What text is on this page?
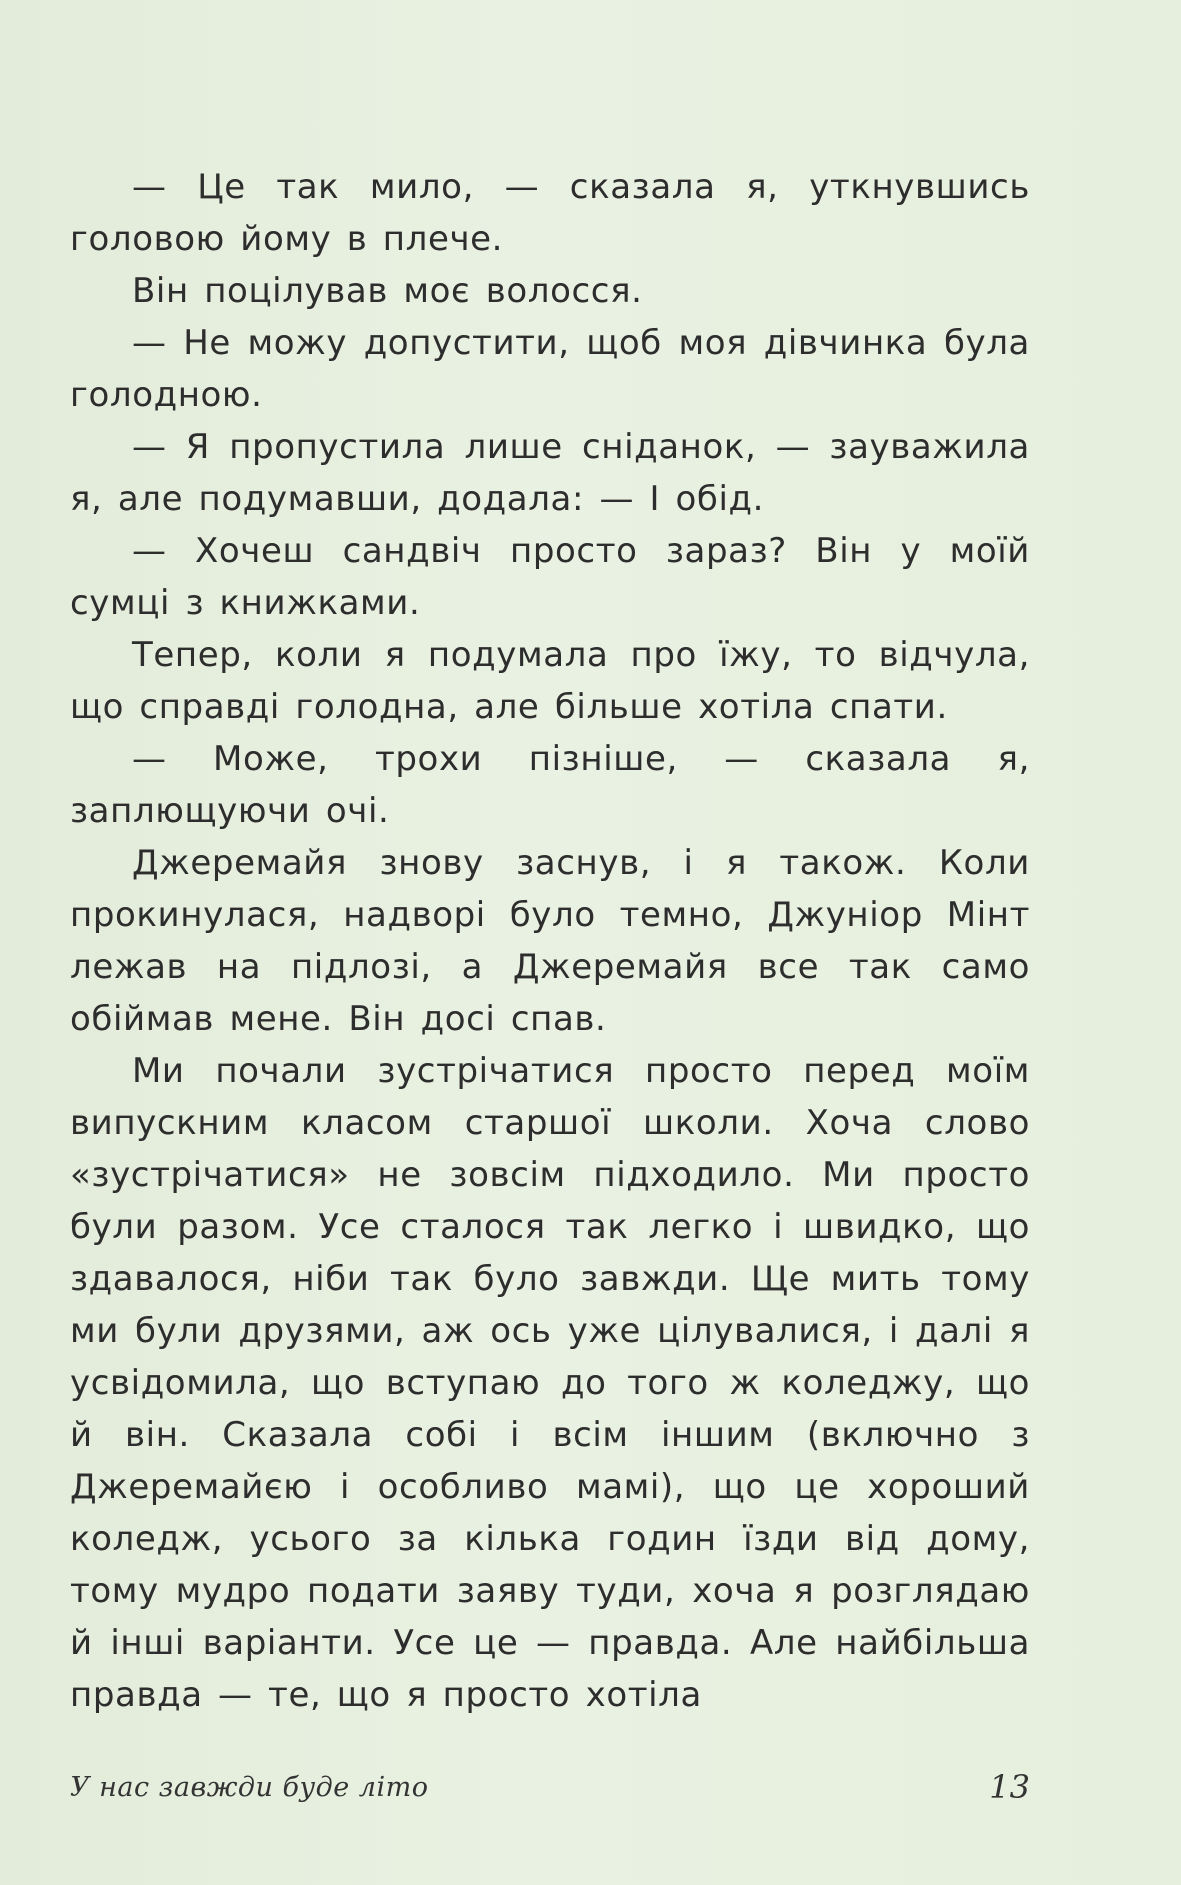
— Це так мило, — сказала я, уткнувшись головою йому в плече.

Він поцілував моє волосся.

— Не можу допустити, щоб моя дівчинка була голодною.

— Я пропустила лише сніданок, — зауважила я, але подумавши, додала: — І обід.

— Хочеш сандвіч просто зараз? Він у моїй сумці з книжками.

Тепер, коли я подумала про їжу, то відчула, що справді голодна, але більше хотіла спати.

— Може, трохи пізніше, — сказала я, заплющуючи очі.

Джеремайя знову заснув, і я також. Коли прокинулася, надворі було темно, Джуніор Мінт лежав на підлозі, а Джеремайя все так само обіймав мене. Він досі спав.

Ми почали зустрічатися просто перед моїм випускним класом старшої школи. Хоча слово «зустрічатися» не зовсім підходило. Ми просто були разом. Усе сталося так легко і швидко, що здавалося, ніби так було завжди. Ще мить тому ми були друзями, аж ось уже цілувалися, і далі я усвідомила, що вступаю до того ж коледжу, що й він. Сказала собі і всім іншим (включно з Джеремайєю і особливо мамі), що це хороший коледж, усього за кілька годин їзди від дому, тому мудро подати заяву туди, хоча я розглядаю й інші варіанти. Усе це — правда. Але найбільша правда — те, що я просто хотіла

У нас завжди буде літо	13
